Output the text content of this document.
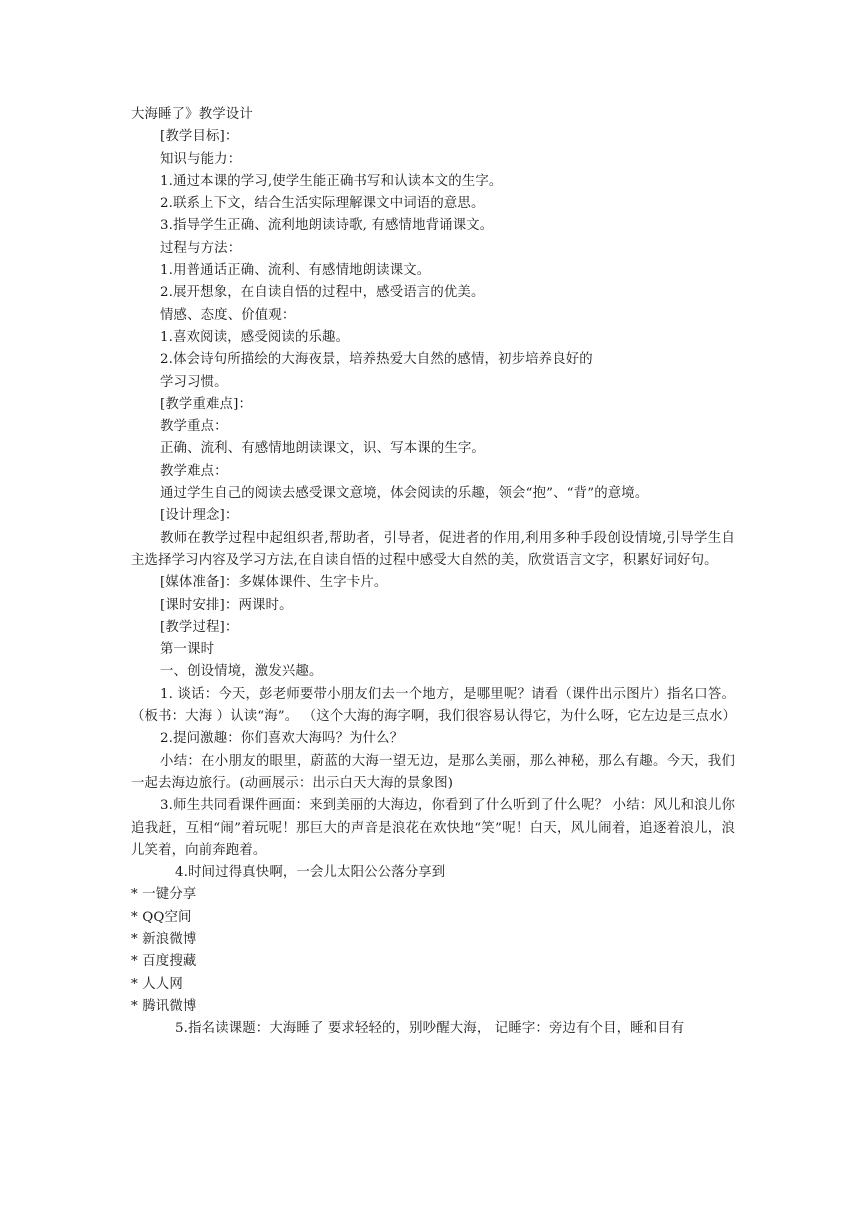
大海睡了》教学设计

[教学目标]：

知识与能力：

1.通过本课的学习,使学生能正确书写和认读本文的生字。

2.联系上下文，结合生活实际理解课文中词语的意思。

3.指导学生正确、流利地朗读诗歌, 有感情地背诵课文。

过程与方法：

1.用普通话正确、流利、有感情地朗读课文。

2.展开想象，在自读自悟的过程中，感受语言的优美。

情感、态度、价值观：

1.喜欢阅读，感受阅读的乐趣。

2.体会诗句所描绘的大海夜景，培养热爱大自然的感情，初步培养良好的

学习习惯。

[教学重难点]：

教学重点：

正确、流利、有感情地朗读课文，识、写本课的生字。

教学难点：

通过学生自己的阅读去感受课文意境，体会阅读的乐趣，领会“抱”、“背”的意境。

[设计理念]：

教师在教学过程中起组织者,帮助者，引导者，促进者的作用,利用多种手段创设情境,引导学生自主选择学习内容及学习方法,在自读自悟的过程中感受大自然的美，欣赏语言文字，积累好词好句。

[媒体准备]：多媒体课件、生字卡片。

[课时安排]：两课时。

[教学过程]：

第一课时

一、创设情境，激发兴趣。

1. 谈话：今天，彭老师要带小朋友们去一个地方，是哪里呢？请看（课件出示图片）指名口答。（板书：大海 ）认读“海”。 （这个大海的海字啊，我们很容易认得它，为什么呀，它左边是三点水）

2.提问激趣：你们喜欢大海吗？为什么？

小结：在小朋友的眼里，蔚蓝的大海一望无边，是那么美丽，那么神秘，那么有趣。今天，我们一起去海边旅行。(动画展示：出示白天大海的景象图)

3.师生共同看课件画面：来到美丽的大海边，你看到了什么听到了什么呢？ 小结：风儿和浪儿你追我赶，互相“闹”着玩呢！那巨大的声音是浪花在欢快地“笑”呢！白天，风儿闹着，追逐着浪儿，浪儿笑着，向前奔跑着。

4.时间过得真快啊，一会儿太阳公公落分享到

* 一键分享

* QQ空间

* 新浪微博

* 百度搜藏

* 人人网

* 腾讯微博

5.指名读课题：大海睡了 要求轻轻的，别吵醒大海， 记睡字：旁边有个目，睡和目有
